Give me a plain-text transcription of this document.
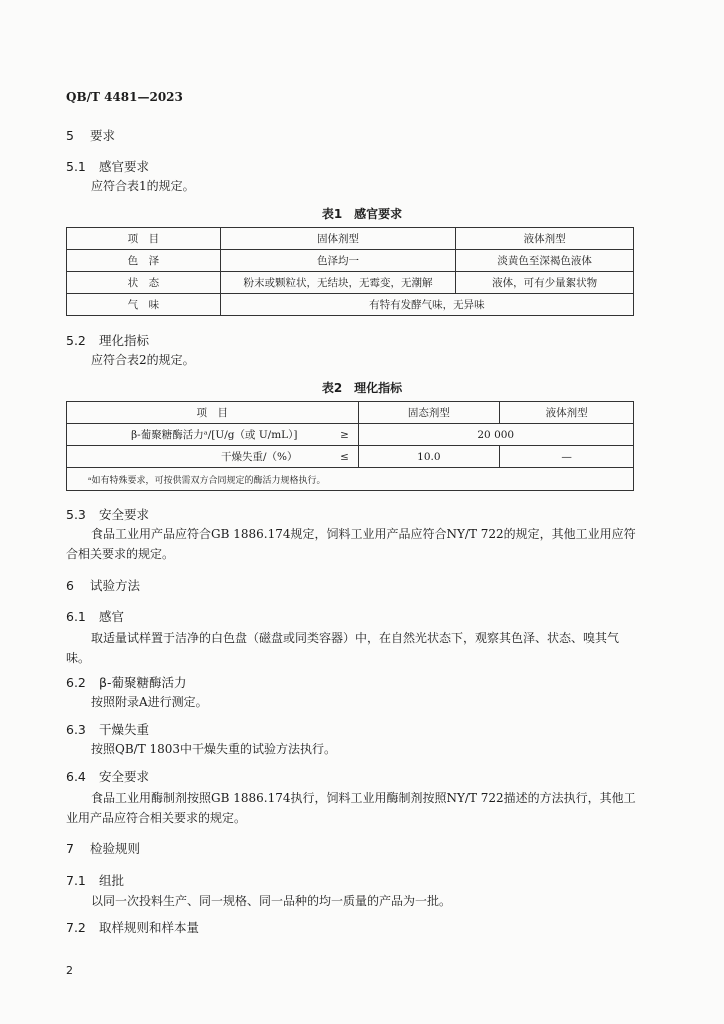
QB/T 4481—2023
5 要求
5.1 感官要求
应符合表1的规定。
表1　感官要求
项　目	固体剂型	液体剂型
色　泽	色泽均一	淡黄色至深褐色液体
状　态	粉末或颗粒状，无结块，无霉变，无潮解	液体，可有少量絮状物
气　味	有特有发酵气味，无异味	
5.2 理化指标
应符合表2的规定。
表2　理化指标
项　目	固态剂型	液体剂型
β-葡聚糖酶活力ᵃ/[U/g（或 U/mL）] ≥	20 000	
干燥失重/（%） ≤	10.0	—
ᵃ如有特殊要求，可按供需双方合同规定的酶活力规格执行。		
5.3 安全要求
食品工业用产品应符合GB 1886.174规定，饲料工业用产品应符合NY/T 722的规定，其他工业用应符合相关要求的规定。
6 试验方法
6.1 感官
取适量试样置于洁净的白色盘（磁盘或同类容器）中，在自然光状态下，观察其色泽、状态、嗅其气味。
6.2 β-葡聚糖酶活力
按照附录A进行测定。
6.3 干燥失重
按照QB/T 1803中干燥失重的试验方法执行。
6.4 安全要求
食品工业用酶制剂按照GB 1886.174执行，饲料工业用酶制剂按照NY/T 722描述的方法执行，其他工业用产品应符合相关要求的规定。
7 检验规则
7.1 组批
以同一次投料生产、同一规格、同一品种的均一质量的产品为一批。
7.2 取样规则和样本量
2
